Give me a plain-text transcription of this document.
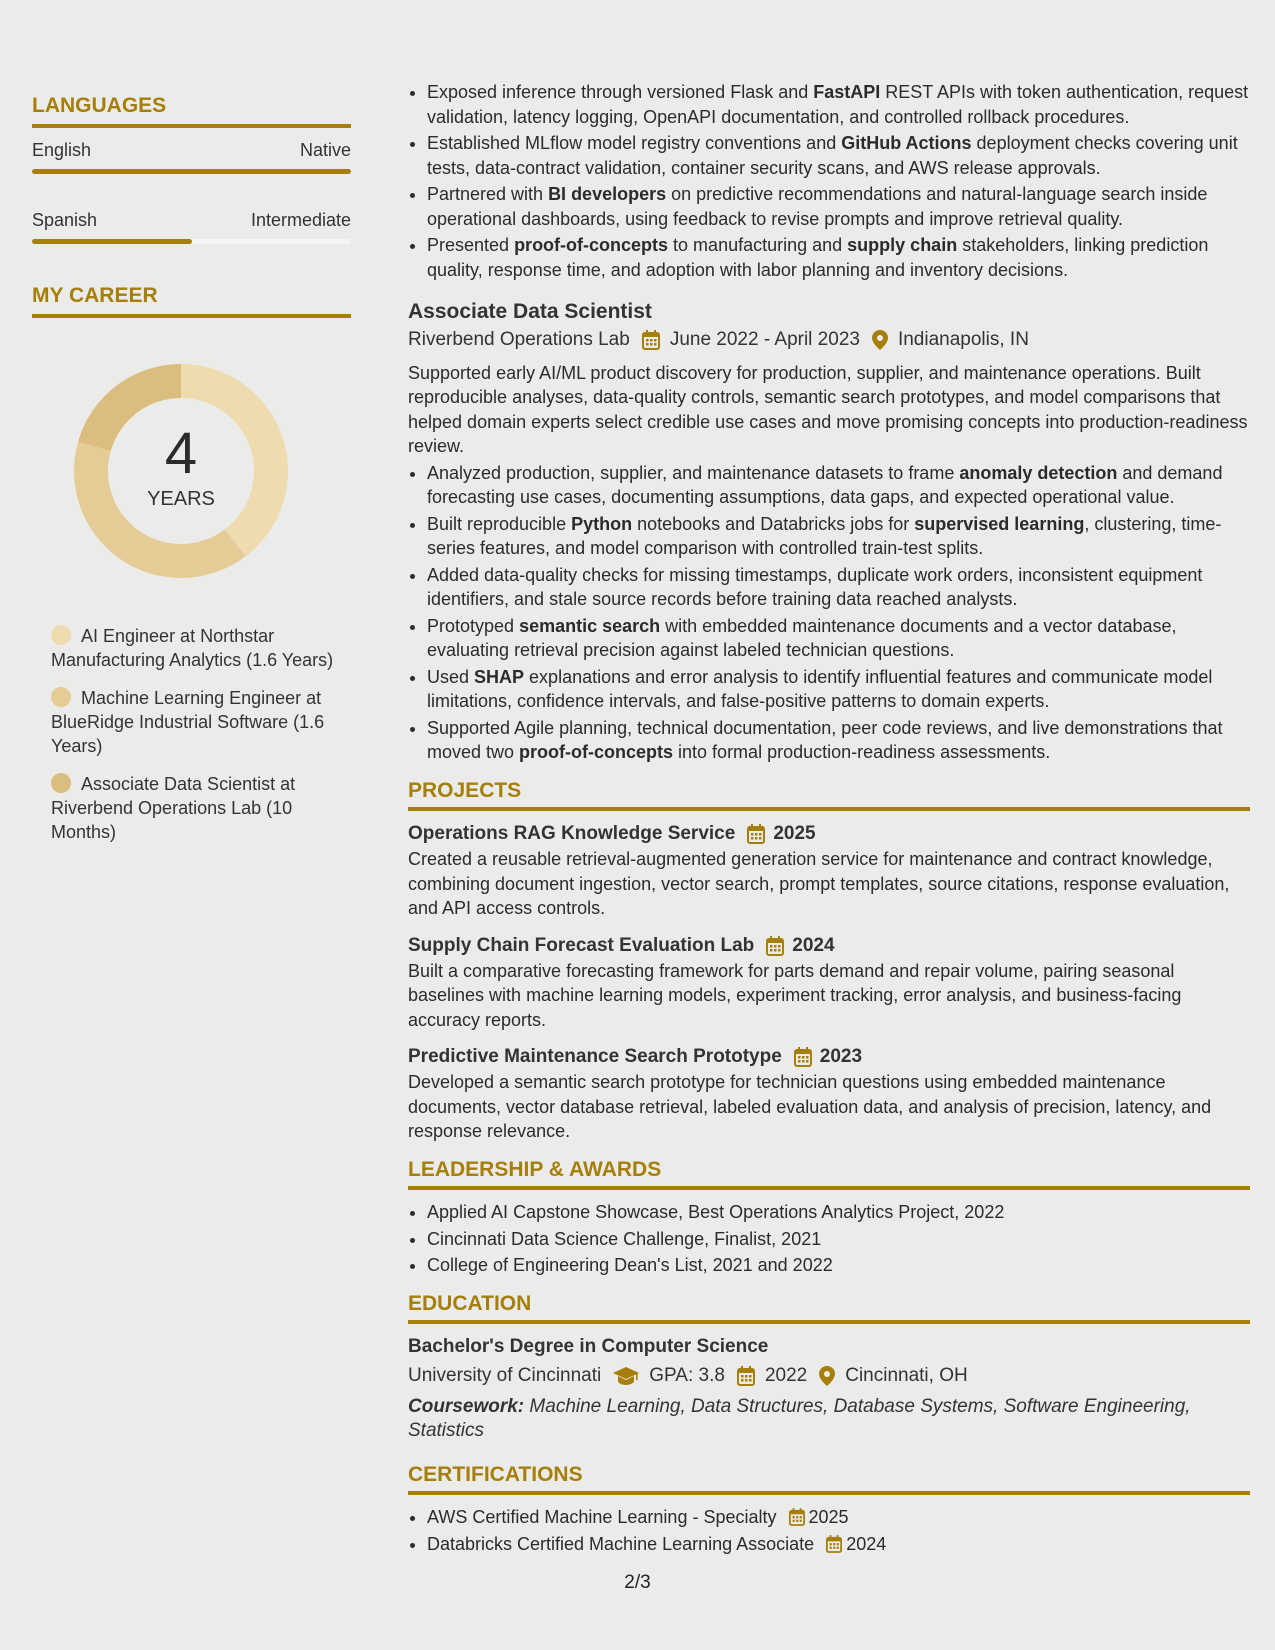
LANGUAGES
English	Native
Spanish	Intermediate
MY CAREER
4
YEARS
AI Engineer at Northstar Manufacturing Analytics (1.6 Years)
Machine Learning Engineer at BlueRidge Industrial Software (1.6 Years)
Associate Data Scientist at Riverbend Operations Lab (10 Months)
• Exposed inference through versioned Flask and FastAPI REST APIs with token authentication, request validation, latency logging, OpenAPI documentation, and controlled rollback procedures.
• Established MLflow model registry conventions and GitHub Actions deployment checks covering unit tests, data-contract validation, container security scans, and AWS release approvals.
• Partnered with BI developers on predictive recommendations and natural-language search inside operational dashboards, using feedback to revise prompts and improve retrieval quality.
• Presented proof-of-concepts to manufacturing and supply chain stakeholders, linking prediction quality, response time, and adoption with labor planning and inventory decisions.
Associate Data Scientist
Riverbend Operations Lab June 2022 - April 2023 Indianapolis, IN
Supported early AI/ML product discovery for production, supplier, and maintenance operations. Built reproducible analyses, data-quality controls, semantic search prototypes, and model comparisons that helped domain experts select credible use cases and move promising concepts into production-readiness review.
• Analyzed production, supplier, and maintenance datasets to frame anomaly detection and demand forecasting use cases, documenting assumptions, data gaps, and expected operational value.
• Built reproducible Python notebooks and Databricks jobs for supervised learning, clustering, time-series features, and model comparison with controlled train-test splits.
• Added data-quality checks for missing timestamps, duplicate work orders, inconsistent equipment identifiers, and stale source records before training data reached analysts.
• Prototyped semantic search with embedded maintenance documents and a vector database, evaluating retrieval precision against labeled technician questions.
• Used SHAP explanations and error analysis to identify influential features and communicate model limitations, confidence intervals, and false-positive patterns to domain experts.
• Supported Agile planning, technical documentation, peer code reviews, and live demonstrations that moved two proof-of-concepts into formal production-readiness assessments.
PROJECTS
Operations RAG Knowledge Service 2025
Created a reusable retrieval-augmented generation service for maintenance and contract knowledge, combining document ingestion, vector search, prompt templates, source citations, response evaluation, and API access controls.
Supply Chain Forecast Evaluation Lab 2024
Built a comparative forecasting framework for parts demand and repair volume, pairing seasonal baselines with machine learning models, experiment tracking, error analysis, and business-facing accuracy reports.
Predictive Maintenance Search Prototype 2023
Developed a semantic search prototype for technician questions using embedded maintenance documents, vector database retrieval, labeled evaluation data, and analysis of precision, latency, and response relevance.
LEADERSHIP & AWARDS
• Applied AI Capstone Showcase, Best Operations Analytics Project, 2022
• Cincinnati Data Science Challenge, Finalist, 2021
• College of Engineering Dean's List, 2021 and 2022
EDUCATION
Bachelor's Degree in Computer Science
University of Cincinnati	GPA: 3.8 2022 Cincinnati, OH
Coursework: Machine Learning, Data Structures, Database Systems, Software Engineering, Statistics
CERTIFICATIONS
• AWS Certified Machine Learning - Specialty 2025
• Databricks Certified Machine Learning Associate 2024
2/3
